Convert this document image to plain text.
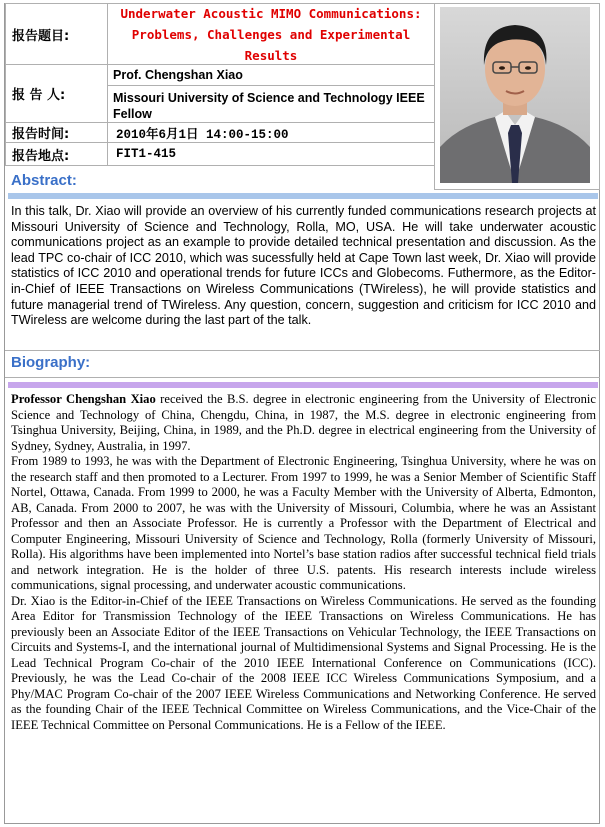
报告题目:
Underwater Acoustic MIMO Communications: Problems, Challenges and Experimental Results
报 告 人:
Prof. Chengshan Xiao
Missouri University of Science and Technology IEEE Fellow
报告时间:	2010年6月1日 14:00-15:00
报告地点:	FIT1-415
Abstract:
In this talk, Dr. Xiao will provide an overview of his currently funded communications research projects at Missouri University of Science and Technology, Rolla, MO, USA. He will take underwater acoustic communications project as an example to provide detailed technical presentation and discussion. As the lead TPC co-chair of ICC 2010, which was sucessfully held at Cape Town last week, Dr. Xiao will provide statistics of ICC 2010 and operational trends for future ICCs and Globecoms. Futhermore, as the Editor-in-Chief of IEEE Transactions on Wireless Communications (TWireless), he will provide statistics and future managerial trend of TWireless. Any question, concern, suggestion and criticism for ICC 2010 and TWireless are welcome during the last part of the talk.
Biography:

Professor Chengshan Xiao received the B.S. degree in electronic engineering from the University of Electronic Science and Technology of China, Chengdu, China, in 1987, the M.S. degree in electronic engineering from Tsinghua University, Beijing, China, in 1989, and the Ph.D. degree in electrical engineering from the University of Sydney, Sydney, Australia, in 1997.

From 1989 to 1993, he was with the Department of Electronic Engineering, Tsinghua University, where he was on the research staff and then promoted to a Lecturer. From 1997 to 1999, he was a Senior Member of Scientific Staff Nortel, Ottawa, Canada. From 1999 to 2000, he was a Faculty Member with the University of Alberta, Edmonton, AB, Canada. From 2000 to 2007, he was with the University of Missouri, Columbia, where he was an Assistant Professor and then an Associate Professor. He is currently a Professor with the Department of Electrical and Computer Engineering, Missouri University of Science and Technology, Rolla (formerly University of Missouri, Rolla). His algorithms have been implemented into Nortel’s base station radios after successful technical field trials and network integration. He is the holder of three U.S. patents. His research interests include wireless communications, signal processing, and underwater acoustic communications.

Dr. Xiao is the Editor-in-Chief of the IEEE Transactions on Wireless Communications. He served as the founding Area Editor for Transmission Technology of the IEEE Transactions on Wireless Communications. He has previously been an Associate Editor of the IEEE Transactions on Vehicular Technology, the IEEE Transactions on Circuits and Systems-I, and the international journal of Multidimensional Systems and Signal Processing. He is the Lead Technical Program Co-chair of the 2010 IEEE International Conference on Communications (ICC). Previously, he was the Lead Co-chair of the 2008 IEEE ICC Wireless Communications Symposium, and a Phy/MAC Program Co-chair of the 2007 IEEE Wireless Communications and Networking Conference. He served as the founding Chair of the IEEE Technical Committee on Wireless Communications, and the Vice-Chair of the IEEE Technical Committee on Personal Communications. He is a Fellow of the IEEE.
